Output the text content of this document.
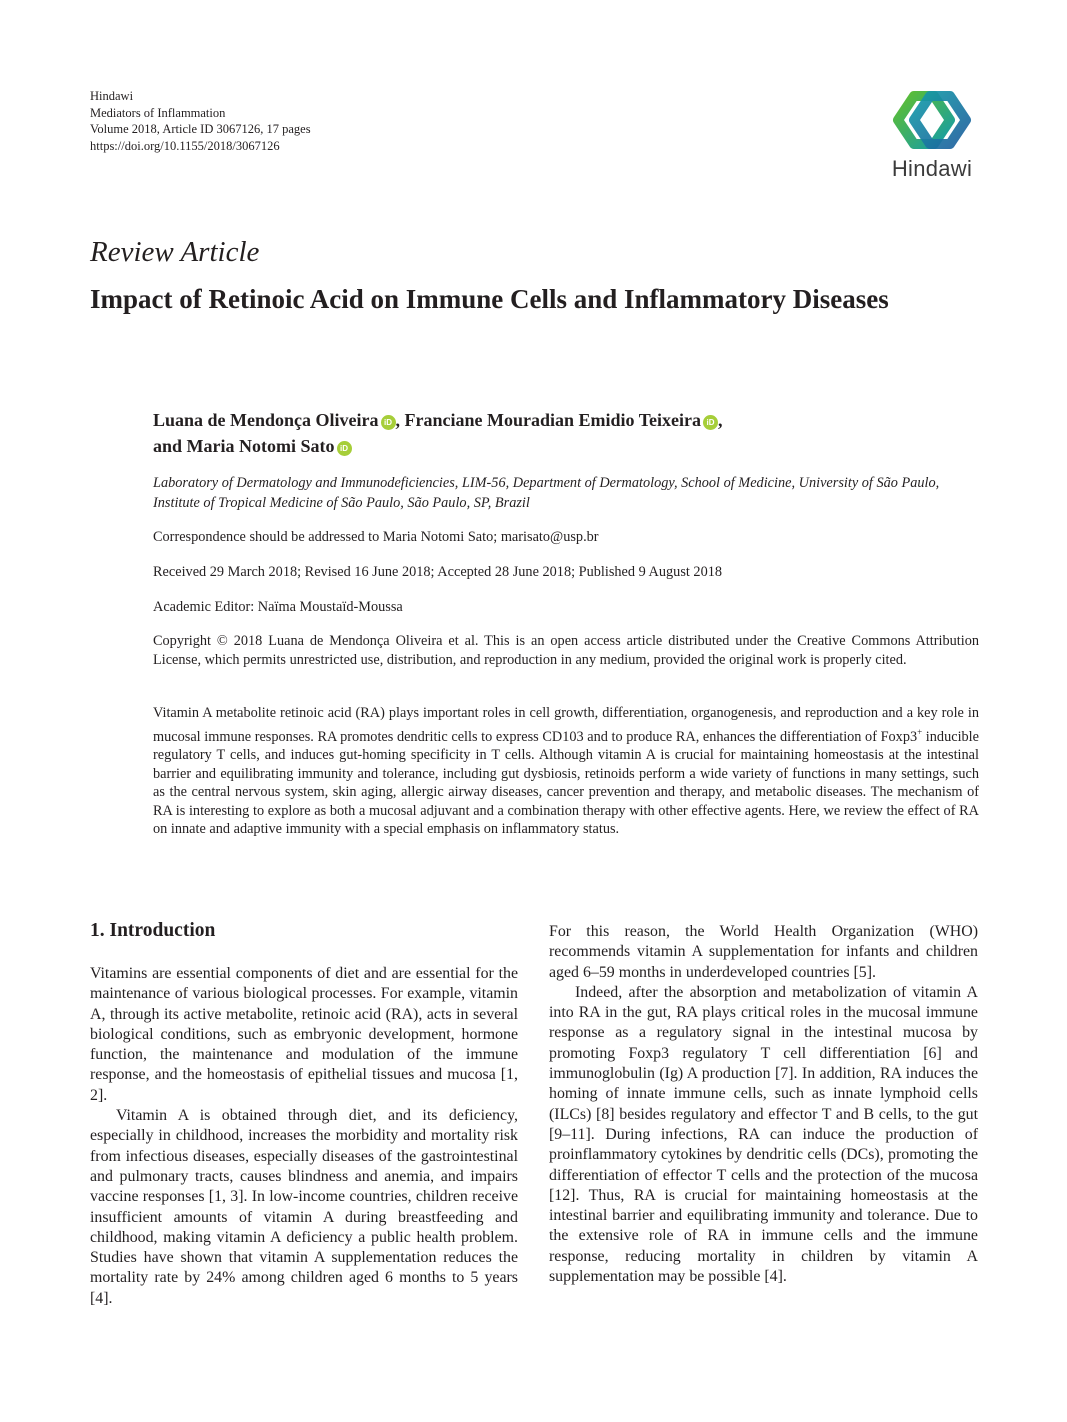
Hindawi
Mediators of Inflammation
Volume 2018, Article ID 3067126, 17 pages
https://doi.org/10.1155/2018/3067126
Hindawi
Review Article
Impact of Retinoic Acid on Immune Cells and Inflammatory Diseases
Luana de Mendonça Oliveira iD , Franciane Mouradian Emidio Teixeira iD ,
and Maria Notomi Sato iD
Laboratory of Dermatology and Immunodeficiencies, LIM-56, Department of Dermatology, School of Medicine, University of São Paulo, Institute of Tropical Medicine of São Paulo, São Paulo, SP, Brazil
Correspondence should be addressed to Maria Notomi Sato; marisato@usp.br
Received 29 March 2018; Revised 16 June 2018; Accepted 28 June 2018; Published 9 August 2018
Academic Editor: Naïma Moustaïd-Moussa
Copyright © 2018 Luana de Mendonça Oliveira et al. This is an open access article distributed under the Creative Commons Attribution License, which permits unrestricted use, distribution, and reproduction in any medium, provided the original work is properly cited.
Vitamin A metabolite retinoic acid (RA) plays important roles in cell growth, differentiation, organogenesis, and reproduction and a key role in mucosal immune responses. RA promotes dendritic cells to express CD103 and to produce RA, enhances the differentiation of Foxp3+ inducible regulatory T cells, and induces gut-homing specificity in T cells. Although vitamin A is crucial for maintaining homeostasis at the intestinal barrier and equilibrating immunity and tolerance, including gut dysbiosis, retinoids perform a wide variety of functions in many settings, such as the central nervous system, skin aging, allergic airway diseases, cancer prevention and therapy, and metabolic diseases. The mechanism of RA is interesting to explore as both a mucosal adjuvant and a combination therapy with other effective agents. Here, we review the effect of RA on innate and adaptive immunity with a special emphasis on inflammatory status.
1. Introduction

Vitamins are essential components of diet and are essential for the maintenance of various biological processes. For example, vitamin A, through its active metabolite, retinoic acid (RA), acts in several biological conditions, such as embryonic development, hormone function, the maintenance and modulation of the immune response, and the homeostasis of epithelial tissues and mucosa [1, 2].

Vitamin A is obtained through diet, and its deficiency, especially in childhood, increases the morbidity and mortality risk from infectious diseases, especially diseases of the gastrointestinal and pulmonary tracts, causes blindness and anemia, and impairs vaccine responses [1, 3]. In low-income countries, children receive insufficient amounts of vitamin A during breastfeeding and childhood, making vitamin A deficiency a public health problem. Studies have shown that vitamin A supplementation reduces the mortality rate by 24% among children aged 6 months to 5 years [4].

For this reason, the World Health Organization (WHO) recommends vitamin A supplementation for infants and children aged 6–59 months in underdeveloped countries [5].

Indeed, after the absorption and metabolization of vitamin A into RA in the gut, RA plays critical roles in the mucosal immune response as a regulatory signal in the intestinal mucosa by promoting Foxp3 regulatory T cell differentiation [6] and immunoglobulin (Ig) A production [7]. In addition, RA induces the homing of innate immune cells, such as innate lymphoid cells (ILCs) [8] besides regulatory and effector T and B cells, to the gut [9–11]. During infections, RA can induce the production of proinflammatory cytokines by dendritic cells (DCs), promoting the differentiation of effector T cells and the protection of the mucosa [12]. Thus, RA is crucial for maintaining homeostasis at the intestinal barrier and equilibrating immunity and tolerance. Due to the extensive role of RA in immune cells and the immune response, reducing mortality in children by vitamin A supplementation may be possible [4].
